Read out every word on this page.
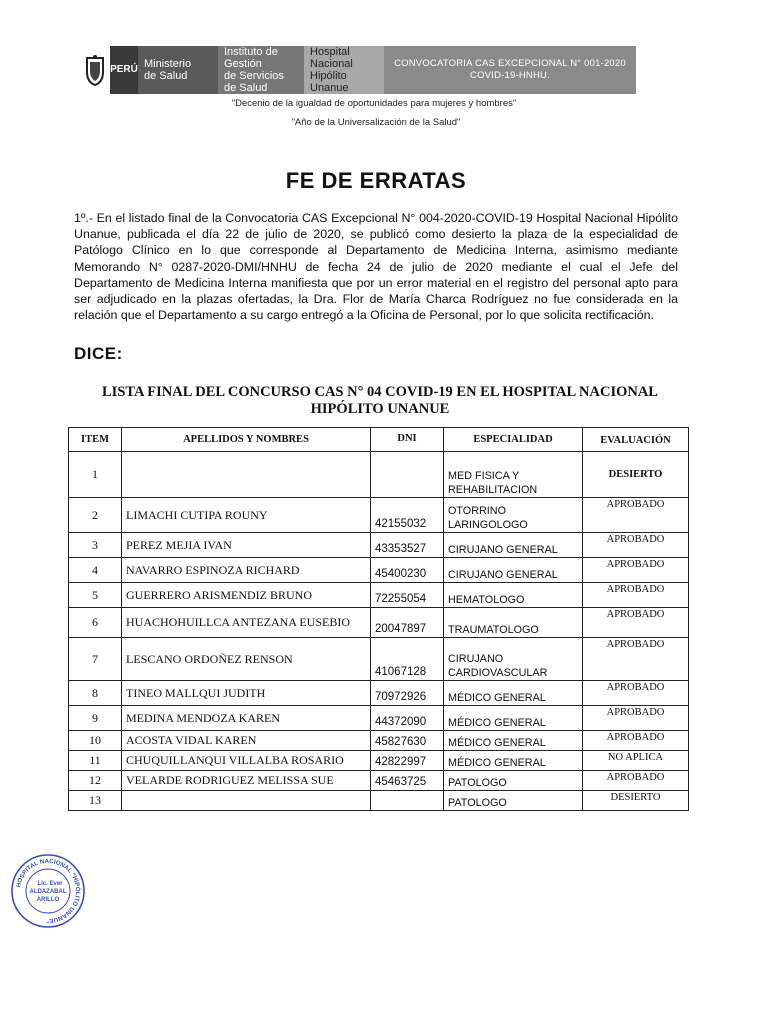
PERÚ Ministerio
de Salud
Instituto de Gestión
de Servicios de Salud
Hospital Nacional
Hipólito Unanue
CONVOCATORIA CAS EXCEPCIONAL N° 001-2020
COVID-19-HNHU.
"Decenio de la igualdad de oportunidades para mujeres y hombres"
"Año de la Universalización de la Salud"
FE DE ERRATAS
1º.- En el listado final de la Convocatoria CAS Excepcional N° 004-2020-COVID-19 Hospital Nacional Hipólito Unanue, publicada el día 22 de julio de 2020, se publicó como desierto la plaza de la especialidad de Patólogo Clínico en lo que corresponde al Departamento de Medicina Interna, asimismo mediante Memorando N° 0287-2020-DMI/HNHU de fecha 24 de julio de 2020 mediante el cual el Jefe del Departamento de Medicina Interna manifiesta que por un error material en el registro del personal apto para ser adjudicado en la plazas ofertadas, la Dra. Flor de María Charca Rodríguez no fue considerada en la relación que el Departamento a su cargo entregó a la Oficina de Personal, por lo que solicita rectificación.
DICE:
LISTA FINAL DEL CONCURSO CAS N° 04 COVID-19 EN EL HOSPITAL NACIONAL
HIPÓLITO UNANUE
ITEM	APELLIDOS Y NOMBRES	DNI	ESPECIALIDAD	EVALUACIÓN
1			MED FISICA Y REHABILITACION	DESIERTO
2	LIMACHI CUTIPA ROUNY	42155032	OTORRINO LARINGOLOGO	APROBADO
3	PEREZ MEJIA IVAN	43353527	CIRUJANO GENERAL	APROBADO
4	NAVARRO ESPINOZA RICHARD	45400230	CIRUJANO GENERAL	APROBADO
5	GUERRERO ARISMENDIZ BRUNO	72255054	HEMATOLOGO	APROBADO
6	HUACHOHUILLCA ANTEZANA EUSEBIO	20047897	TRAUMATOLOGO	APROBADO
7	LESCANO ORDOÑEZ RENSON	41067128	CIRUJANO CARDIOVASCULAR	APROBADO
8	TINEO MALLQUI JUDITH	70972926	MÉDICO GENERAL	APROBADO
9	MEDINA MENDOZA KAREN	44372090	MÉDICO GENERAL	APROBADO
10	ACOSTA VIDAL KAREN	45827630	MÉDICO GENERAL	APROBADO
11	CHUQUILLANQUI VILLALBA ROSARIO	42822997	MÉDICO GENERAL	NO APLICA
12	VELARDE RODRIGUEZ MELISSA SUE	45463725	PATOLOGO	APROBADO
13			PATOLOGO	DESIERTO
HOSPITAL NACIONAL "HIPÓLITO UNANUE"
Lic. Ever
ALDAZABAL
ARILLO
